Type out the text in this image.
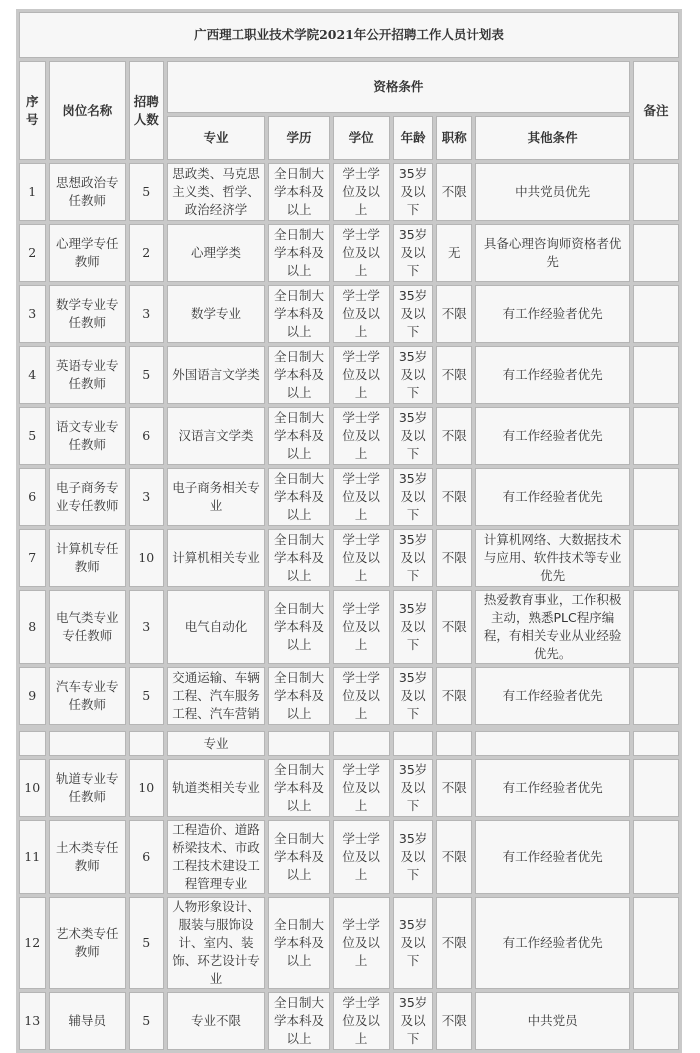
广西理工职业技术学院2021年公开招聘工作人员计划表									
序号	岗位名称	招聘人数	资格条件						备注
			专业	学历	学位	年龄	职称	其他条件	
1	思想政治专任教师	5	思政类、马克思主义类、哲学、政治经济学	全日制大学本科及以上	学士学位及以上	35岁及以下	不限	中共党员优先	
2	心理学专任教师	2	心理学类	全日制大学本科及以上	学士学位及以上	35岁及以下	无	具备心理咨询师资格者优先	
3	数学专业专任教师	3	数学专业	全日制大学本科及以上	学士学位及以上	35岁及以下	不限	有工作经验者优先	
4	英语专业专任教师	5	外国语言文学类	全日制大学本科及以上	学士学位及以上	35岁及以下	不限	有工作经验者优先	
5	语文专业专任教师	6	汉语言文学类	全日制大学本科及以上	学士学位及以上	35岁及以下	不限	有工作经验者优先	
6	电子商务专业专任教师	3	电子商务相关专业	全日制大学本科及以上	学士学位及以上	35岁及以下	不限	有工作经验者优先	
7	计算机专任教师	10	计算机相关专业	全日制大学本科及以上	学士学位及以上	35岁及以下	不限	计算机网络、大数据技术与应用、软件技术等专业优先	
8	电气类专业专任教师	3	电气自动化	全日制大学本科及以上	学士学位及以上	35岁及以下	不限	热爱教育事业，工作积极主动，熟悉PLC程序编程，有相关专业从业经验优先。	
9	汽车专业专任教师	5	交通运输、车辆工程、汽车服务工程、汽车营销	全日制大学本科及以上	学士学位及以上	35岁及以下	不限	有工作经验者优先	
			专业						
10	轨道专业专任教师	10	轨道类相关专业	全日制大学本科及以上	学士学位及以上	35岁及以下	不限	有工作经验者优先	
11	土木类专任教师	6	工程造价、道路桥梁技术、市政工程技术建设工程管理专业	全日制大学本科及以上	学士学位及以上	35岁及以下	不限	有工作经验者优先	
12	艺术类专任教师	5	人物形象设计、服装与服饰设计、室内、装饰、环艺设计专业	全日制大学本科及以上	学士学位及以上	35岁及以下	不限	有工作经验者优先	
13	辅导员	5	专业不限	全日制大学本科及以上	学士学位及以上	35岁及以下	不限	中共党员	
